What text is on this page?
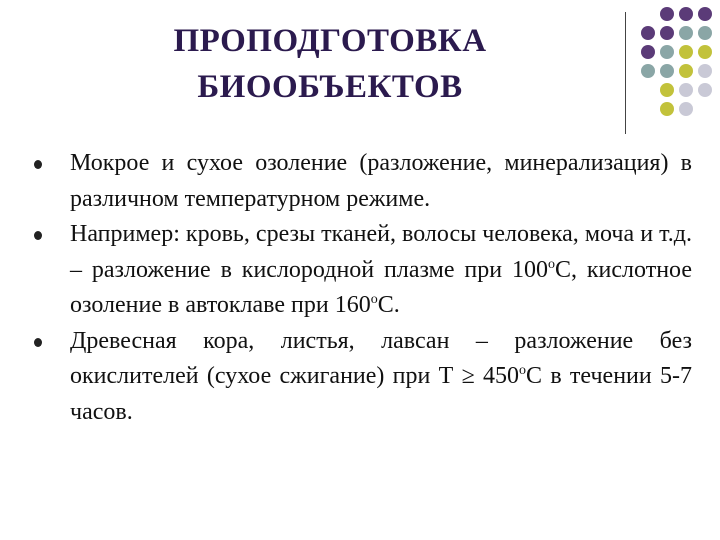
ПРОПОДГОТОВКА
БИООБЪЕКТОВ
Мокрое и сухое озоление (разложение, минерализация) в различном температурном режиме.
Например: кровь, срезы тканей, волосы человека, моча и т.д. – разложение в кислородной плазме при $100^оС$, кислотное озоление в автоклаве при $160^оС$.
Древесная кора, листья, лавсан – разложение без окислителей (сухое сжигание) при $Т \ge 450^оС$ в течении 5-7 часов.
